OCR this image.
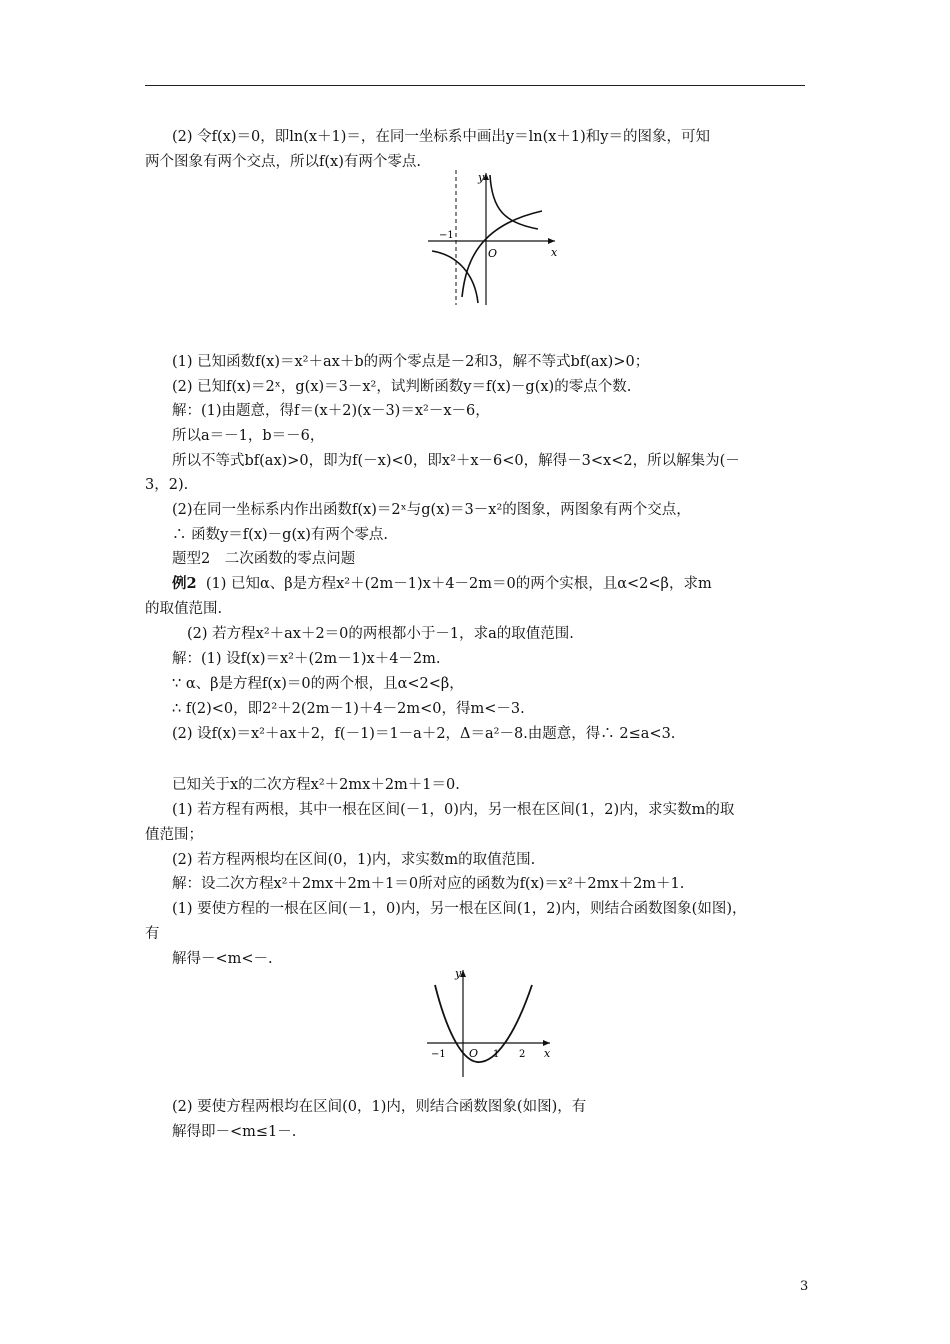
(2) 令f(x)＝0，即ln(x＋1)＝，在同一坐标系中画出y＝ln(x＋1)和y＝的图象，可知
两个图象有两个交点，所以f(x)有两个零点.
y
x
O
−1
(1) 已知函数f(x)＝x²＋ax＋b的两个零点是－2和3，解不等式bf(ax)>0；
(2) 已知f(x)＝2ˣ，g(x)＝3－x²，试判断函数y＝f(x)－g(x)的零点个数.
解：(1)由题意，得f＝(x＋2)(x－3)＝x²－x－6，
所以a＝－1，b＝－6，
所以不等式bf(ax)>0，即为f(－x)<0，即x²＋x－6<0，解得－3<x<2，所以解集为(－
3，2).
(2)在同一坐标系内作出函数f(x)＝2ˣ与g(x)＝3－x²的图象，两图象有两个交点，
∴ 函数y＝f(x)－g(x)有两个零点.
题型2　二次函数的零点问题
例2 (1) 已知α、β是方程x²＋(2m－1)x＋4－2m＝0的两个实根，且α<2<β，求m
的取值范围.
(2) 若方程x²＋ax＋2＝0的两根都小于－1，求a的取值范围.
解：(1) 设f(x)＝x²＋(2m－1)x＋4－2m.
∵ α、β是方程f(x)＝0的两个根，且α<2<β，
∴ f(2)<0，即2²＋2(2m－1)＋4－2m<0，得m<－3.
(2) 设f(x)＝x²＋ax＋2，f(－1)＝1－a＋2，Δ＝a²－8.由题意，得∴ 2≤a<3.
已知关于x的二次方程x²＋2mx＋2m＋1＝0.
(1) 若方程有两根，其中一根在区间(－1，0)内，另一根在区间(1，2)内，求实数m的取
值范围；
(2) 若方程两根均在区间(0，1)内，求实数m的取值范围.
解：设二次方程x²＋2mx＋2m＋1＝0所对应的函数为f(x)＝x²＋2mx＋2m＋1.
(1) 要使方程的一根在区间(－1，0)内，另一根在区间(1，2)内，则结合函数图象(如图)，
有
解得－<m<－.
y
x
O
−1	1 2
(2) 要使方程两根均在区间(0，1)内，则结合函数图象(如图)，有
解得即－<m≤1－.
3
